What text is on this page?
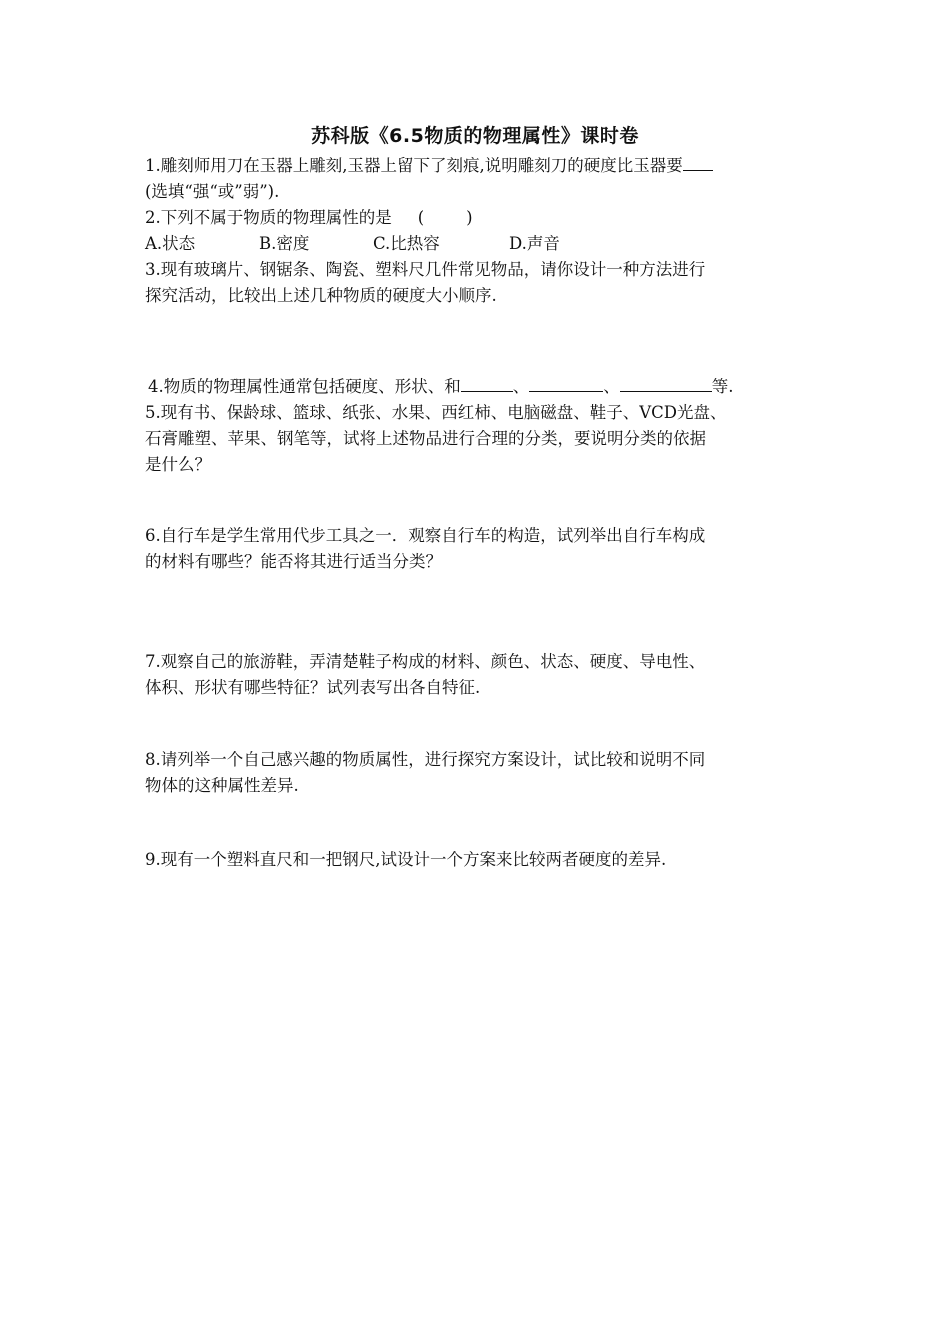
苏科版《6.5物质的物理属性》课时卷
1.雕刻师用刀在玉器上雕刻,玉器上留下了刻痕,说明雕刻刀的硬度比玉器要
(选填“强“或”弱”).
2.下列不属于物质的物理属性的是 (        )
A.状态	B.密度	C.比热容	D.声音
3.现有玻璃片、钢锯条、陶瓷、塑料尺几件常见物品，请你设计一种方法进行
探究活动，比较出上述几种物质的硬度大小顺序.
4.物质的物理属性通常包括硬度、形状、和	、	、	等.
5.现有书、保龄球、篮球、纸张、水果、西红柿、电脑磁盘、鞋子、VCD光盘、
石膏雕塑、苹果、钢笔等，试将上述物品进行合理的分类，要说明分类的依据
是什么？
6.自行车是学生常用代步工具之一．观察自行车的构造，试列举出自行车构成
的材料有哪些？能否将其进行适当分类？
7.观察自己的旅游鞋，弄清楚鞋子构成的材料、颜色、状态、硬度、导电性、
体积、形状有哪些特征？试列表写出各自特征.
8.请列举一个自己感兴趣的物质属性，进行探究方案设计，试比较和说明不同
物体的这种属性差异.
9.现有一个塑料直尺和一把钢尺,试设计一个方案来比较两者硬度的差异.
